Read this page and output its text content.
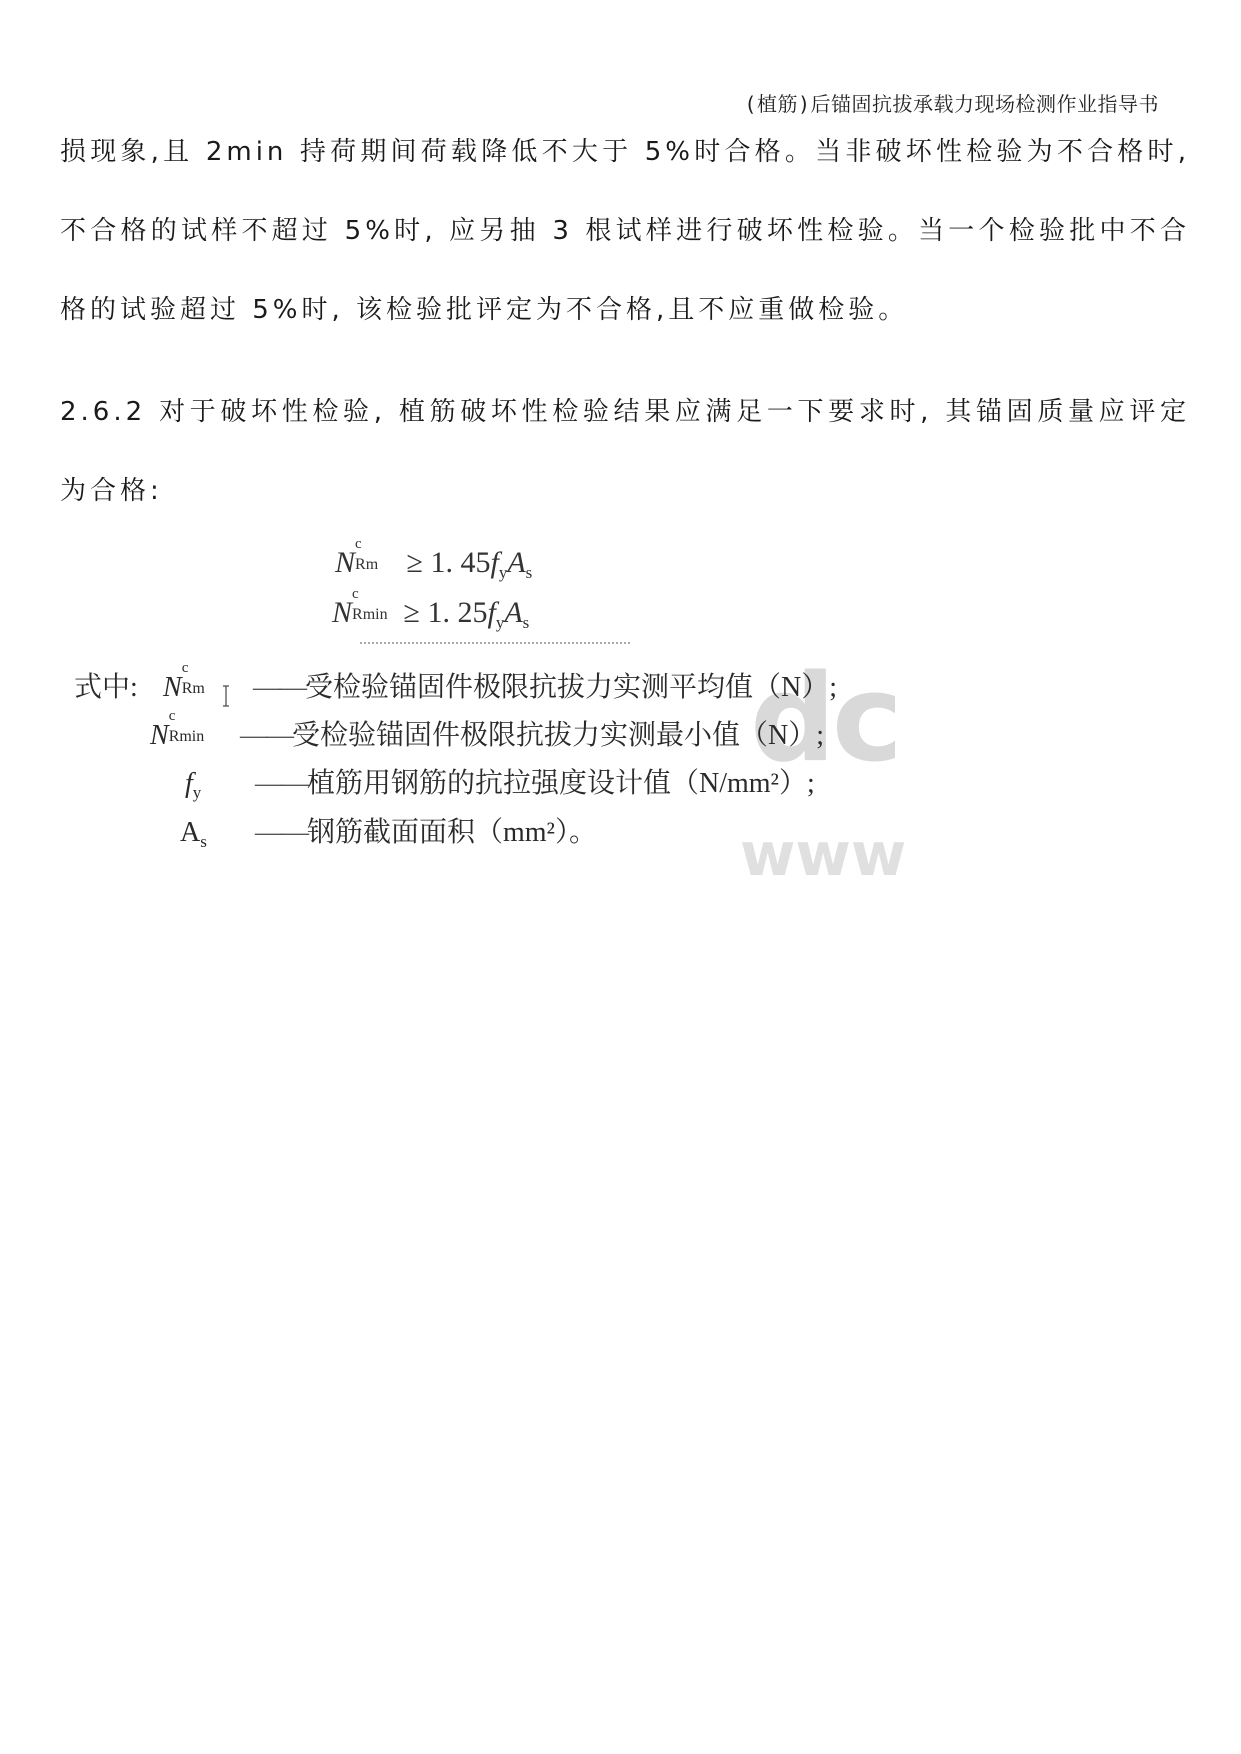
(植筋)后锚固抗拔承载力现场检测作业指导书

损现象,且 2min 持荷期间荷载降低不大于 5%时合格。当非破坏性检验为不合格时,不合格的试样不超过 5%时, 应另抽 3 根试样进行破坏性检验。当一个检验批中不合格的试验超过 5%时, 该检验批评定为不合格,且不应重做检验。

2.6.2 对于破坏性检验, 植筋破坏性检验结果应满足一下要求时, 其锚固质量应评定为合格:

dc
www
N
c
Rm ≥ 1. $45f_yA_s$
N
c
Rmin ≥ 1. $25f_yA_s$
式中: N
c
Rm ——受检验锚固件极限抗拔力实测平均值（N）;
N
c
Rmin ——受检验锚固件极限抗拔力实测最小值（N）;
$f_y$ ——植筋用钢筋的抗拉强度设计值（N/mm²）;
$A_s$ ——钢筋截面面积（mm²）。
